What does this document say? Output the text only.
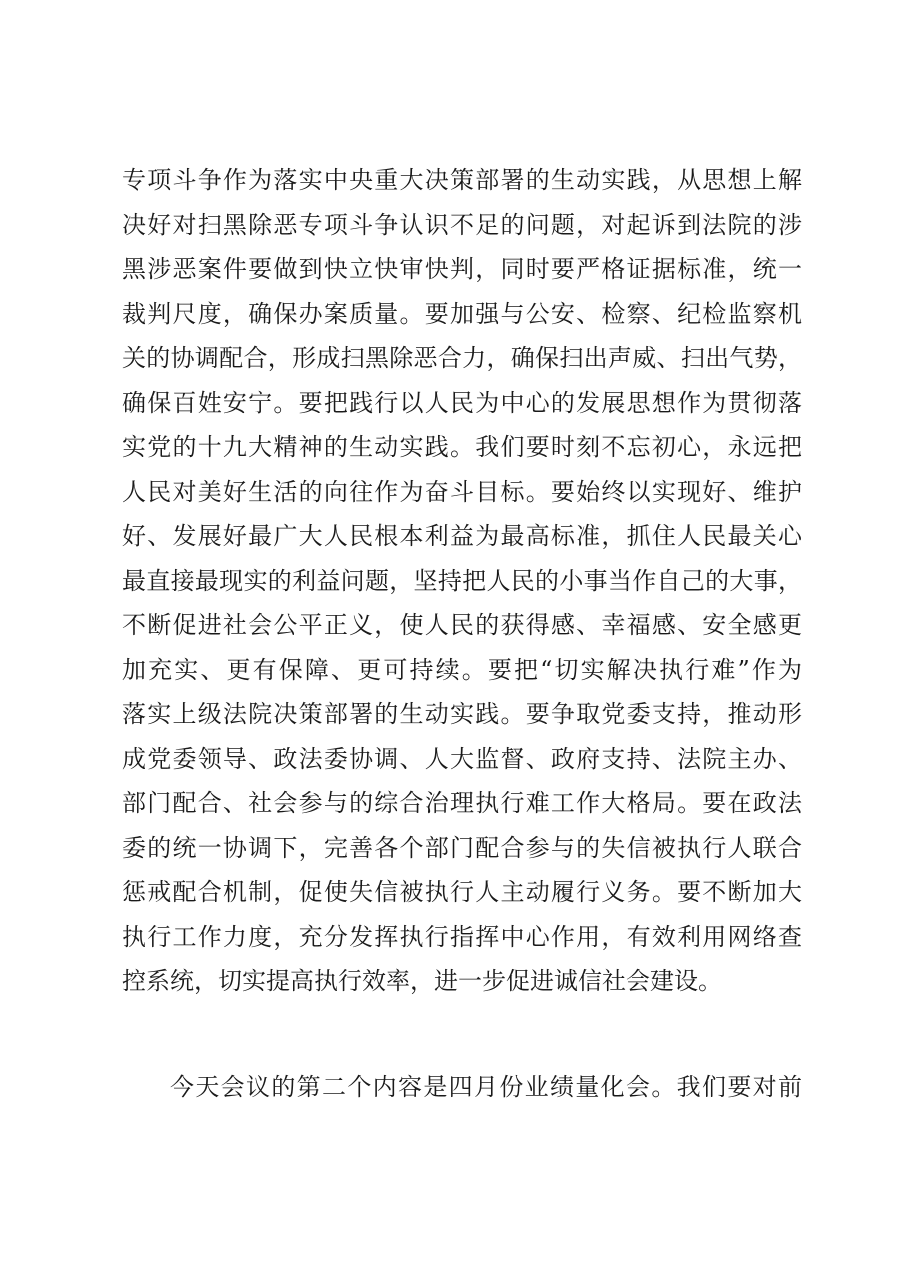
专项斗争作为落实中央重大决策部署的生动实践，从思想上解
决好对扫黑除恶专项斗争认识不足的问题，对起诉到法院的涉
黑涉恶案件要做到快立快审快判，同时要严格证据标准，统一
裁判尺度，确保办案质量。要加强与公安、检察、纪检监察机
关的协调配合，形成扫黑除恶合力，确保扫出声威、扫出气势，
确保百姓安宁。要把践行以人民为中心的发展思想作为贯彻落
实党的十九大精神的生动实践。我们要时刻不忘初心，永远把
人民对美好生活的向往作为奋斗目标。要始终以实现好、维护
好、发展好最广大人民根本利益为最高标准，抓住人民最关心
最直接最现实的利益问题，坚持把人民的小事当作自己的大事，
不断促进社会公平正义，使人民的获得感、幸福感、安全感更
加充实、更有保障、更可持续。要把“切实解决执行难”作为
落实上级法院决策部署的生动实践。要争取党委支持，推动形
成党委领导、政法委协调、人大监督、政府支持、法院主办、
部门配合、社会参与的综合治理执行难工作大格局。要在政法
委的统一协调下，完善各个部门配合参与的失信被执行人联合
惩戒配合机制，促使失信被执行人主动履行义务。要不断加大
执行工作力度，充分发挥执行指挥中心作用，有效利用网络查
控系统，切实提高执行效率，进一步促进诚信社会建设。
今天会议的第二个内容是四月份业绩量化会。我们要对前
